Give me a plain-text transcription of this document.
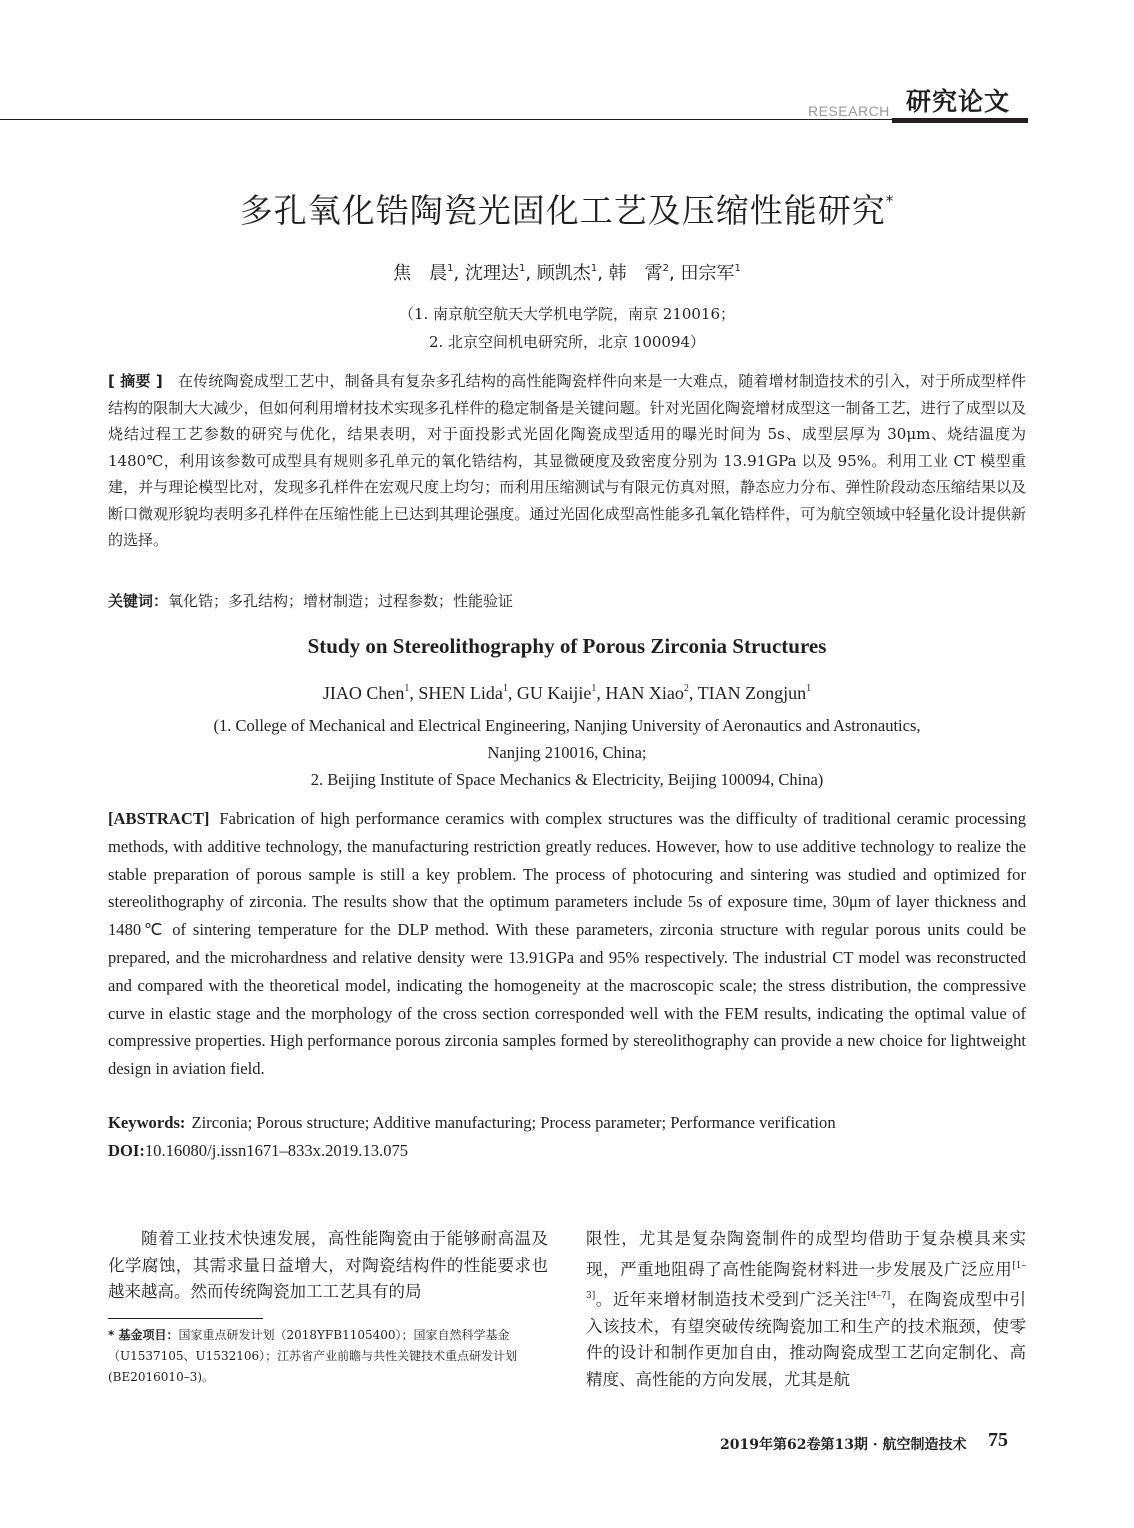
RESEARCH 研究论文
多孔氧化锆陶瓷光固化工艺及压缩性能研究*
焦　晨$^1$, 沈理达$^1$, 顾凯杰$^1$, 韩　霄$^2$, 田宗军$^1$
（1. 南京航空航天大学机电学院，南京 210016；
2. 北京空间机电研究所，北京 100094）
[ 摘要 ]　 在传统陶瓷成型工艺中，制备具有复杂多孔结构的高性能陶瓷样件向来是一大难点，随着增材制造技术的引入，对于所成型样件结构的限制大大减少，但如何利用增材技术实现多孔样件的稳定制备是关键问题。针对光固化陶瓷增材成型这一制备工艺，进行了成型以及烧结过程工艺参数的研究与优化，结果表明，对于面投影式光固化陶瓷成型适用的曝光时间为 5s、成型层厚为 30μm、烧结温度为 1480℃，利用该参数可成型具有规则多孔单元的氧化锆结构，其显微硬度及致密度分别为 13.91GPa 以及 95%。利用工业 CT 模型重建，并与理论模型比对，发现多孔样件在宏观尺度上均匀；而利用压缩测试与有限元仿真对照，静态应力分布、弹性阶段动态压缩结果以及断口微观形貌均表明多孔样件在压缩性能上已达到其理论强度。通过光固化成型高性能多孔氧化锆样件，可为航空领域中轻量化设计提供新的选择。
关键词：氧化锆；多孔结构；增材制造；过程参数；性能验证
Study on Stereolithography of Porous Zirconia Structures
JIAO Chen$^1$, SHEN Lida$^1$, GU Kaijie$^1$, HAN Xiao$^2$, TIAN Zongjun$^1$
(1. College of Mechanical and Electrical Engineering, Nanjing University of Aeronautics and Astronautics,
Nanjing 210016, China;
2. Beijing Institute of Space Mechanics & Electricity, Beijing 100094, China)
[ABSTRACT] Fabrication of high performance ceramics with complex structures was the difficulty of traditional ceramic processing methods, with additive technology, the manufacturing restriction greatly reduces. However, how to use additive technology to realize the stable preparation of porous sample is still a key problem. The process of photocuring and sintering was studied and optimized for stereolithography of zirconia. The results show that the optimum parameters include 5s of exposure time, 30μm of layer thickness and 1480℃ of sintering temperature for the DLP method. With these parameters, zirconia structure with regular porous units could be prepared, and the microhardness and relative density were 13.91GPa and 95% respectively. The industrial CT model was reconstructed and compared with the theoretical model, indicating the homogeneity at the macroscopic scale; the stress distribution, the compressive curve in elastic stage and the morphology of the cross section corresponded well with the FEM results, indicating the optimal value of compressive properties. High performance porous zirconia samples formed by stereolithography can provide a new choice for lightweight design in aviation field.
Keywords: Zirconia; Porous structure; Additive manufacturing; Process parameter; Performance verification
DOI:10.16080/j.issn1671–833x.2019.13.075
随着工业技术快速发展，高性能陶瓷由于能够耐高温及化学腐蚀，其需求量日益增大，对陶瓷结构件的性能要求也越来越高。然而传统陶瓷加工工艺具有的局
限性，尤其是复杂陶瓷制件的成型均借助于复杂模具来实现，严重地阻碍了高性能陶瓷材料进一步发展及广泛应用[1–3]。近年来增材制造技术受到广泛关注[4–7]，在陶瓷成型中引入该技术，有望突破传统陶瓷加工和生产的技术瓶颈，使零件的设计和制作更加自由，推动陶瓷成型工艺向定制化、高精度、高性能的方向发展，尤其是航
* 基金项目：国家重点研发计划（2018YFB1105400）；国家自然科学基金（U1537105、U1532106）；江苏省产业前瞻与共性关键技术重点研发计划 (BE2016010–3)。
2019年第62卷第13期 · 航空制造技术 75
